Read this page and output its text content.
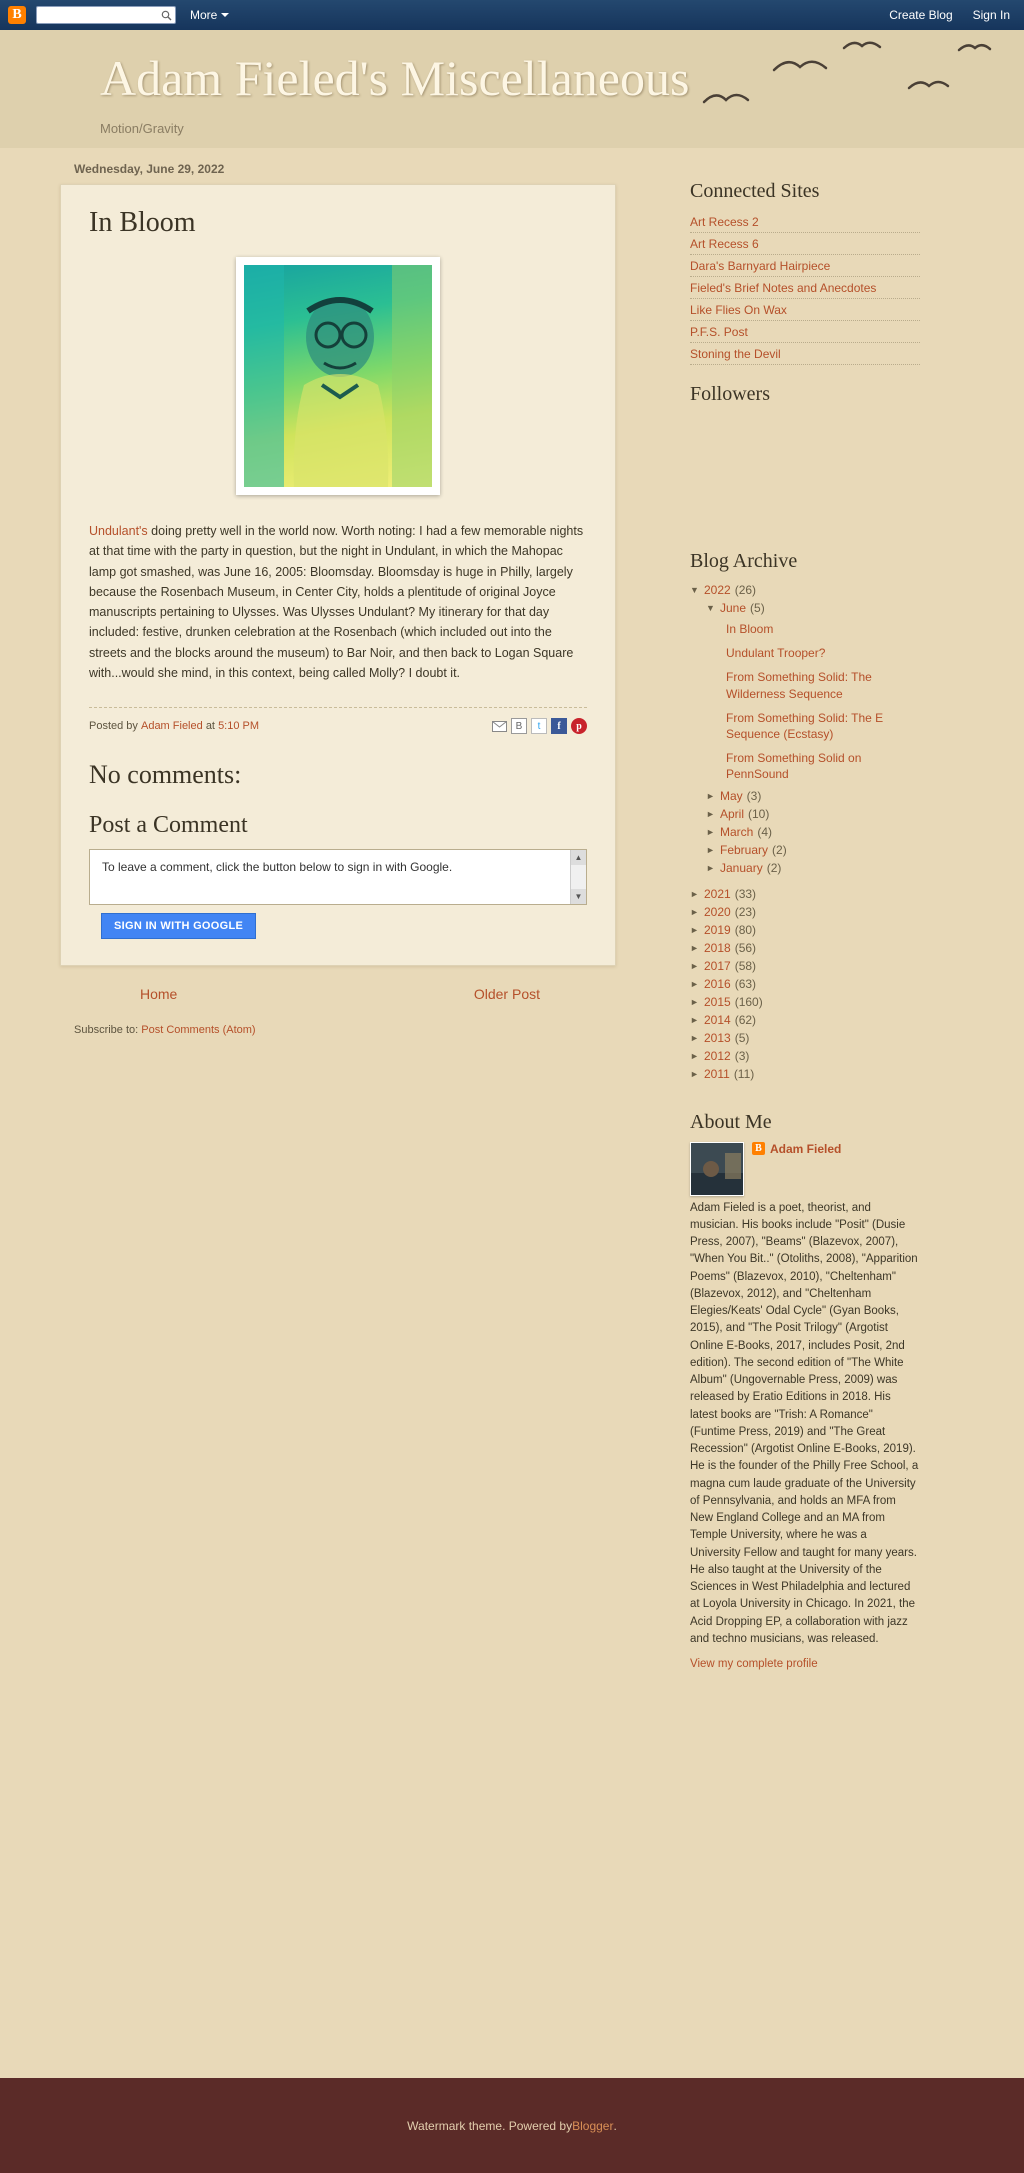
B	More	Create Blog Sign In
Adam Fieled's Miscellaneous
Motion/Gravity
Wednesday, June 29, 2022
In Bloom
Undulant's doing pretty well in the world now. Worth noting: I had a few memorable nights at that time with the party in question, but the night in Undulant, in which the Mahopac lamp got smashed, was June 16, 2005: Bloomsday. Bloomsday is huge in Philly, largely because the Rosenbach Museum, in Center City, holds a plentitude of original Joyce manuscripts pertaining to Ulysses. Was Ulysses Undulant? My itinerary for that day included: festive, drunken celebration at the Rosenbach (which included out into the streets and the blocks around the museum) to Bar Noir, and then back to Logan Square with...would she mind, in this context, being called Molly? I doubt it.
Posted by
Adam Fieled
at
5:10 PM	B	t	f	p
No comments:
Post a Comment
To leave a comment, click the button below to sign in with Google.
▲
▼
SIGN IN WITH GOOGLE
Home	Older Post
Subscribe to: Post Comments (Atom)
Connected Sites
Art Recess 2
Art Recess 6
Dara's Barnyard Hairpiece
Fieled's Brief Notes and Anecdotes
Like Flies On Wax
P.F.S. Post
Stoning the Devil
Followers
Blog Archive
▼ 2022 (26)
▼ June (5)
In Bloom
Undulant Trooper?
From Something Solid: The Wilderness Sequence
From Something Solid: The E Sequence (Ecstasy)
From Something Solid on PennSound
► May (3)
► April (10)
► March (4)
► February (2)
► January (2)
► 2021 (33)
► 2020 (23)
► 2019 (80)
► 2018 (56)
► 2017 (58)
► 2016 (63)
► 2015 (160)
► 2014 (62)
► 2013 (5)
► 2012 (3)
► 2011 (11)
About Me
B Adam Fieled
Adam Fieled is a poet, theorist, and musician. His books include "Posit" (Dusie Press, 2007), "Beams" (Blazevox, 2007), "When You Bit.." (Otoliths, 2008), "Apparition Poems" (Blazevox, 2010), "Cheltenham" (Blazevox, 2012), and "Cheltenham Elegies/Keats' Odal Cycle" (Gyan Books, 2015), and "The Posit Trilogy" (Argotist Online E-Books, 2017, includes Posit, 2nd edition). The second edition of "The White Album" (Ungovernable Press, 2009) was released by Eratio Editions in 2018. His latest books are "Trish: A Romance" (Funtime Press, 2019) and "The Great Recession" (Argotist Online E-Books, 2019). He is the founder of the Philly Free School, a magna cum laude graduate of the University of Pennsylvania, and holds an MFA from New England College and an MA from Temple University, where he was a University Fellow and taught for many years. He also taught at the University of the Sciences in West Philadelphia and lectured at Loyola University in Chicago. In 2021, the Acid Dropping EP, a collaboration with jazz and techno musicians, was released.
View my complete profile
Watermark theme. Powered by Blogger .
